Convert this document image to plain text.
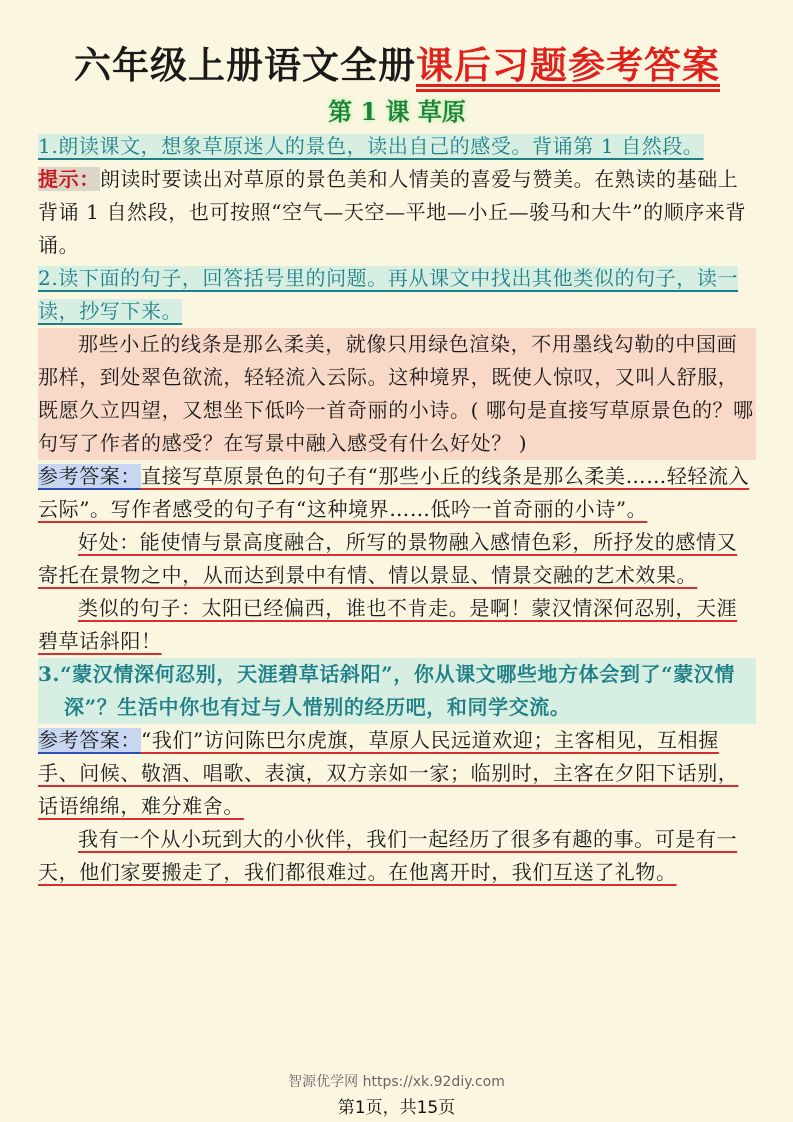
六年级上册语文全册课后习题参考答案
第 1 课 草原

1.朗读课文，想象草原迷人的景色，读出自己的感受。背诵第 1 自然段。

提示：朗读时要读出对草原的景色美和人情美的喜爱与赞美。在熟读的基础上背诵 1 自然段，也可按照“空气—天空—平地—小丘—骏马和大牛”的顺序来背诵。

2.读下面的句子，回答括号里的问题。再从课文中找出其他类似的句子，读一读，抄写下来。

那些小丘的线条是那么柔美，就像只用绿色渲染，不用墨线勾勒的中国画那样，到处翠色欲流，轻轻流入云际。这种境界，既使人惊叹，又叫人舒服，既愿久立四望，又想坐下低吟一首奇丽的小诗。( 哪句是直接写草原景色的？哪句写了作者的感受？在写景中融入感受有什么好处？ )

参考答案：直接写草原景色的句子有“那些小丘的线条是那么柔美……轻轻流入云际”。写作者感受的句子有“这种境界……低吟一首奇丽的小诗”。

好处：能使情与景高度融合，所写的景物融入感情色彩，所抒发的感情又寄托在景物之中，从而达到景中有情、情以景显、情景交融的艺术效果。

类似的句子：太阳已经偏西，谁也不肯走。是啊！蒙汉情深何忍别，天涯碧草话斜阳！

3.“蒙汉情深何忍别，天涯碧草话斜阳”，你从课文哪些地方体会到了“蒙汉情深”？生活中你也有过与人惜别的经历吧，和同学交流。

参考答案：“我们”访问陈巴尔虎旗，草原人民远道欢迎；主客相见，互相握手、问候、敬酒、唱歌、表演，双方亲如一家；临别时，主客在夕阳下话别，话语绵绵，难分难舍。

我有一个从小玩到大的小伙伴，我们一起经历了很多有趣的事。可是有一天，他们家要搬走了，我们都很难过。在他离开时，我们互送了礼物。

智源优学网 https://xk.92diy.com
第1页，共15页
